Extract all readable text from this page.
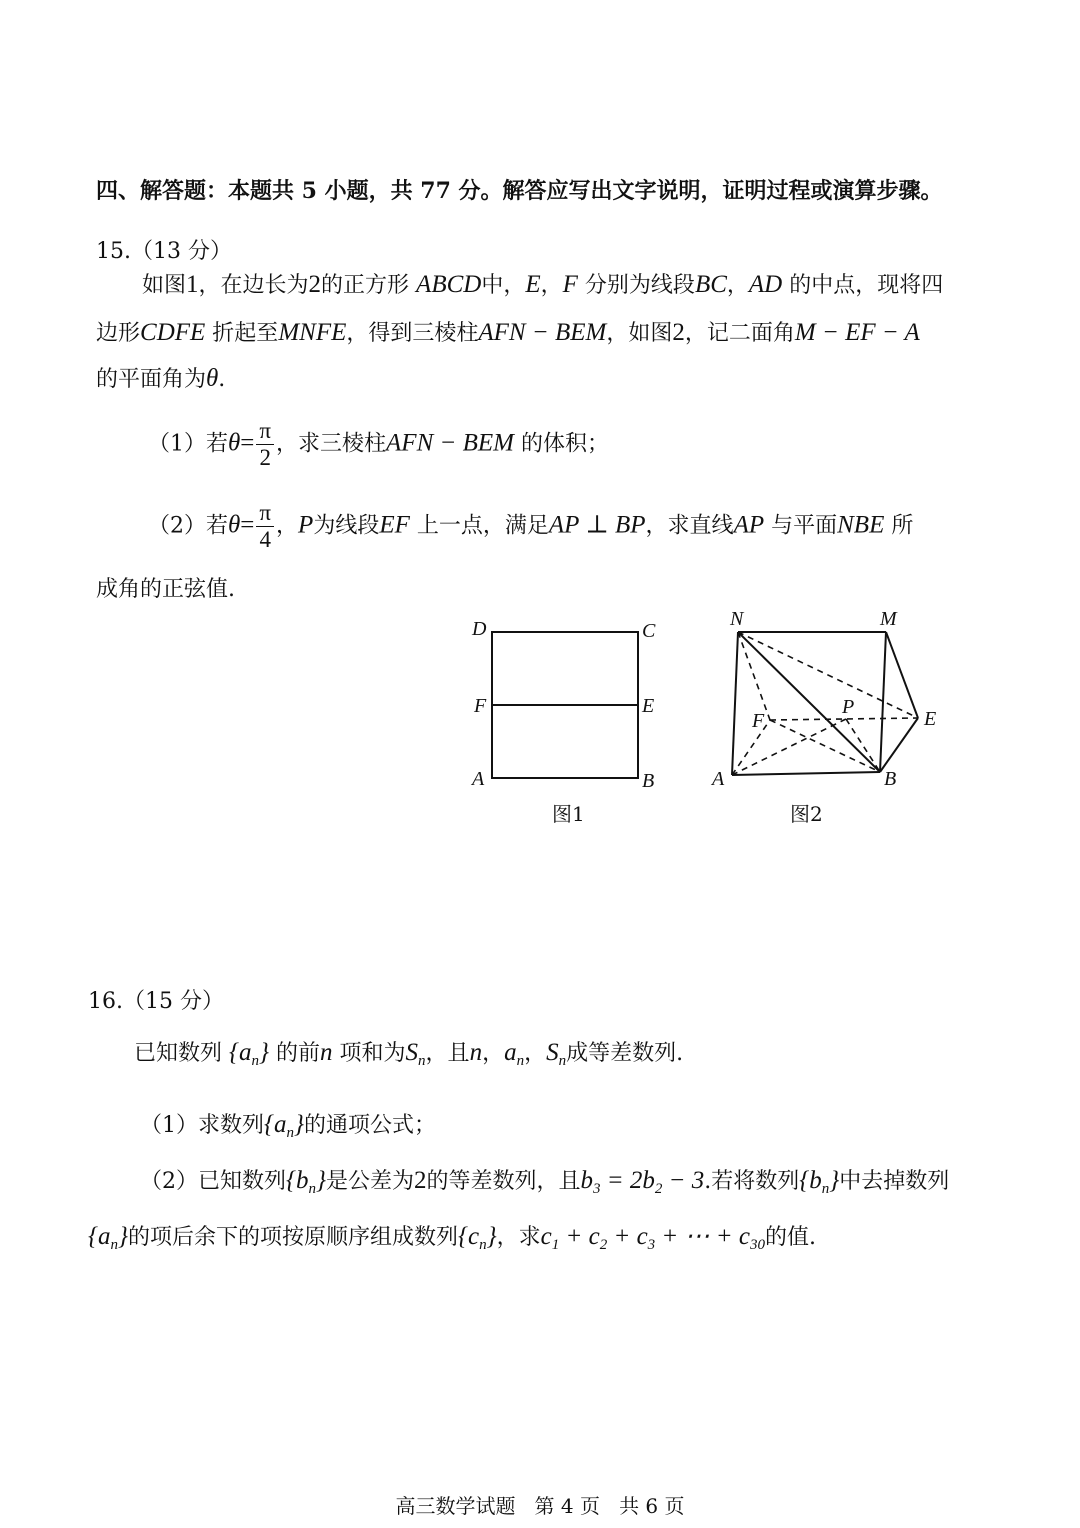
四、解答题：本题共 5 小题，共 77 分。解答应写出文字说明，证明过程或演算步骤。
15.（13 分）
如图1，在边长为2的正方形 ABCD中，E，F 分别为线段BC，AD 的中点，现将四
边形CDFE 折起至MNFE，得到三棱柱AFN − BEM，如图2，记二面角M − EF − A
的平面角为θ.
（1）若$\theta= \frac{\pi}{2}$ ，求三棱柱AFN − BEM 的体积；
（2）若$\theta= \frac{\pi}{4}$ ，P为线段EF 上一点，满足AP ⊥ BP，求直线AP 与平面NBE 所
成角的正弦值.
D	C
F	E
A	B
图1
N	M
F
P
E
A	B
图2
16.（15 分）
已知数列 $\{a_n\}$ 的前n 项和为$S_n$，且n，$a_n$，$S_n$成等差数列.
（1）求数列$\{a_n\}$的通项公式；
（2）已知数列$\{b_n\}$是公差为2的等差数列，且$b_3 = 2b_2 - 3$.若将数列$\{b_n\}$中去掉数列
$\{a_n\}$的项后余下的项按原顺序组成数列$\{c_n\}$，求$c_1 + c_2 + c_3$ + ⋯ + $c_{30}$的值.
高三数学试题   第 4 页   共 6 页
